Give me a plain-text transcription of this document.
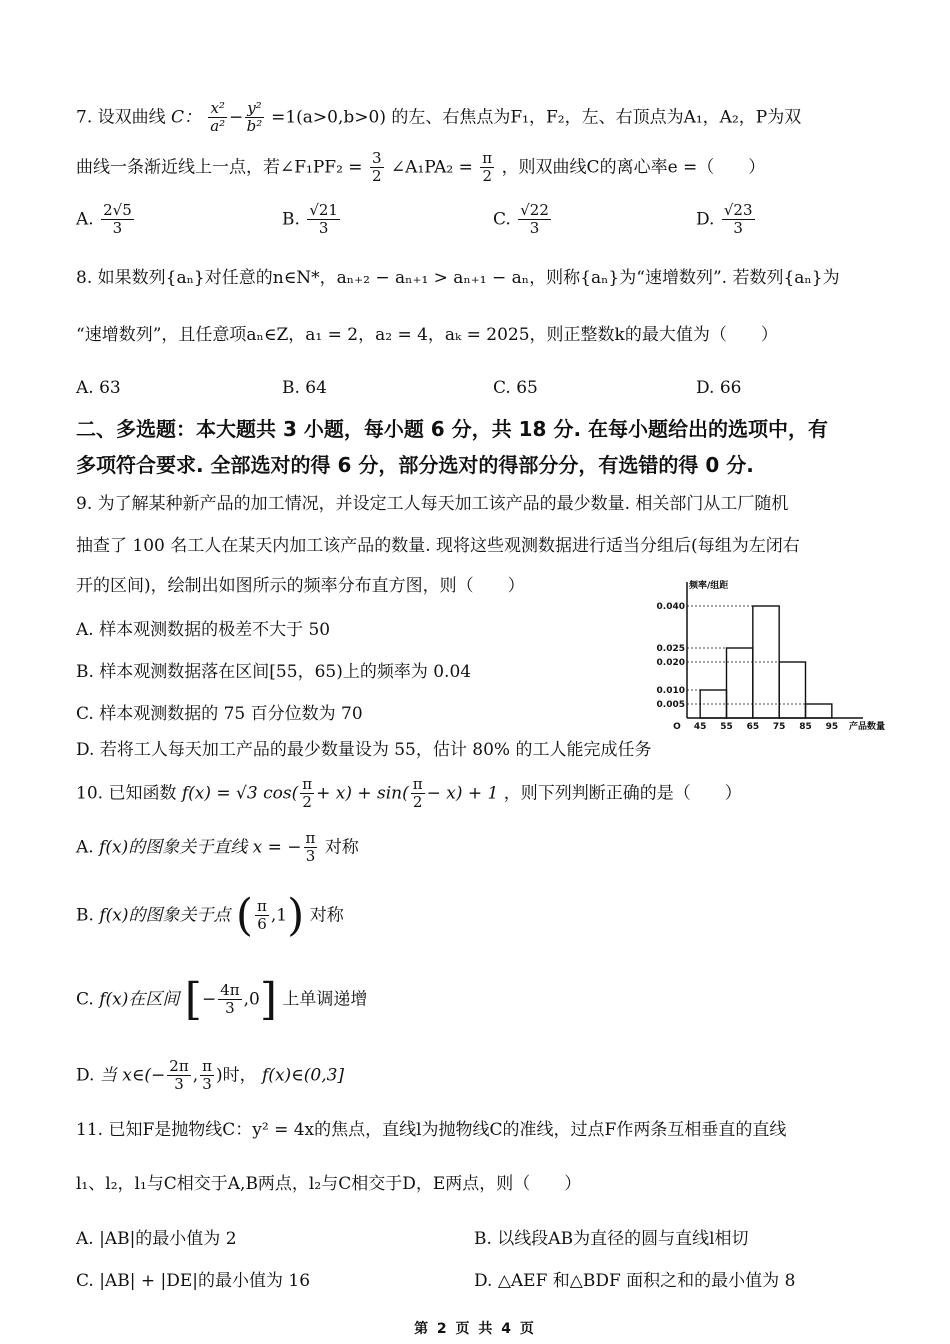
7. 设双曲线 C： $\frac{\text{x²}}{\text{a²}} - \frac{\text{y²}}{\text{b²}} =1(a>0,b>0)$ 的左、右焦点为F₁，F₂，左、右顶点为A₁，A₂，P为双
曲线一条渐近线上一点，若∠F₁PF₂ = $\frac{3}{2}$ ∠A₁PA₂ = $\frac{\pi}{2}$ ，则双曲线C的离心率e =（　　）
A. $\frac{2√5}{3}$	B. $\frac{√21}{3}$	C. $\frac{√22}{3}$	D. $\frac{√23}{3}$
8. 如果数列{aₙ}对任意的n∈N*，aₙ₊₂ − aₙ₊₁ > aₙ₊₁ − aₙ，则称{aₙ}为“速增数列”. 若数列{aₙ}为
“速增数列”，且任意项aₙ∈Z，a₁ = 2，a₂ = 4，aₖ = 2025，则正整数k的最大值为（　　）
A. 63	B. 64	C. 65	D. 66
二、多选题：本大题共 3 小题，每小题 6 分，共 18 分. 在每小题给出的选项中，有
多项符合要求. 全部选对的得 6 分，部分选对的得部分分，有选错的得 0 分.
9. 为了解某种新产品的加工情况，并设定工人每天加工该产品的最少数量. 相关部门从工厂随机
抽查了 100 名工人在某天内加工该产品的数量. 现将这些观测数据进行适当分组后(每组为左闭右
开的区间)，绘制出如图所示的频率分布直方图，则（　　）
A. 样本观测数据的极差不大于 50
B. 样本观测数据落在区间[55，65)上的频率为 0.04
C. 样本观测数据的 75 百分位数为 70
D. 若将工人每天加工产品的最少数量设为 55，估计 80% 的工人能完成任务
0.040
0.025
0.020
0.010
0.005
45 55 65 75 85 95
O
频率/组距
产品数量
10. 已知函数 f(x) = √3 $\cos( \frac{\pi}{2} + x) + \sin( \frac{\pi}{2} - x) + 1$ ，则下列判断正确的是（　　）
A. f(x)的图象关于直线 x = − $\frac{\pi}{3}$ 对称
B. f(x)的图象关于点 ( $\frac{\pi}{6} ,1$) 对称
C. f(x)在区间 [− $\frac{4\pi}{3} ,0$] 上单调递增
D. 当 x∈(− $\frac{2\pi}{3}$ , $\frac{\pi}{3}$ )时， f(x)∈(0,3]
11. 已知F是抛物线C：y² = 4x的焦点，直线l为抛物线C的准线，过点F作两条互相垂直的直线
l₁、l₂，l₁与C相交于A,B两点，l₂与C相交于D，E两点，则（　　）
A. |AB|的最小值为 2	B. 以线段AB为直径的圆与直线l相切
C. |AB| + |DE|的最小值为 16	D. △AEF 和△BDF 面积之和的最小值为 8
第 2 页 共 4 页
